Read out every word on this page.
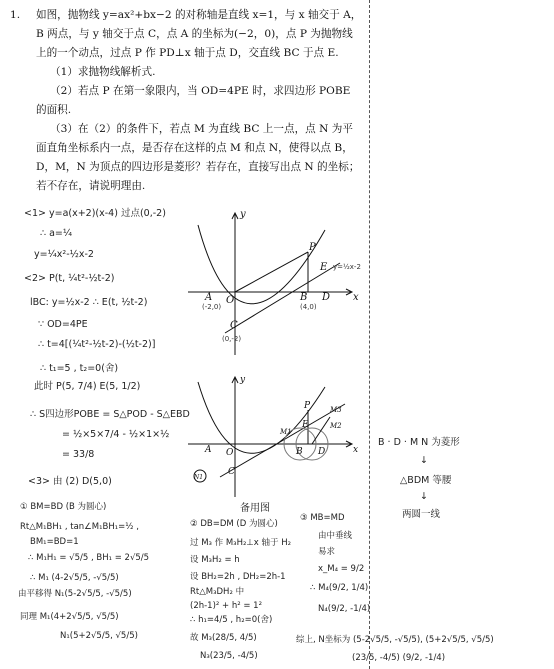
1. 如图，抛物线 y=ax²+bx−2 的对称轴是直线 x=1，与 x 轴交于 A，B 两点，与 y 轴交于点 C，点 A 的坐标为(−2，0)，点 P 为抛物线上的一个动点，过点 P 作 PD⊥x 轴于点 D，交直线 BC 于点 E.
（1）求抛物线解析式.
（2）若点 P 在第一象限内，当 OD=4PE 时，求四边形 POBE 的面积.
（3）在（2）的条件下，若点 M 为直线 BC 上一点，点 N 为平面直角坐标系内一点，是否存在这样的点 M 和点 N，使得以点 B，D，M，N 为顶点的四边形是菱形？若存在，直接写出点 N 的坐标；若不存在，请说明理由.
y
x
O
A	B
C
D
E
P
(-2,0)	(4,0)
(0,-2)
y=½x-2
y
x
O
A	B
C
D
E
P
M1
M2
M3
N1
备用图
<1> y=a(x+2)(x-4) 过点(0,-2)
∴ a=¼
y=¼x²-½x-2
<2> P(t, ¼t²-½t-2)
lBC: y=½x-2 ∴ E(t, ½t-2)
∵ OD=4PE
∴ t=4[(¼t²-½t-2)-(½t-2)]
∴ t₁=5 , t₂=0(舍)
此时 P(5, 7/4) E(5, 1/2)
∴ S四边形POBE = S△POD - S△EBD
= ½×5×7/4 - ½×1×½
= 33/8
<3> 由 (2) D(5,0)
① BM=BD (B 为圆心)
Rt△M₁BH₁ , tan∠M₁BH₁=½ ,
BM₁=BD=1
∴ M₁H₁ = √5/5 , BH₁ = 2√5/5
∴ M₁ (4-2√5/5, -√5/5)
由平移得 N₁(5-2√5/5, -√5/5)
同理 M₁(4+2√5/5, √5/5)
N₁(5+2√5/5, √5/5)
② DB=DM (D 为圆心)
过 M₃ 作 M₃H₂⊥x 轴于 H₂
设 M₃H₂ = h
设 BH₂=2h , DH₂=2h-1
Rt△M₃DH₂ 中
(2h-1)² + h² = 1²
∴ h₁=4/5 , h₂=0(舍)
故 M₃(28/5, 4/5)
N₃(23/5, -4/5)
③ MB=MD
由中垂线
易求
x_M₄ = 9/2
∴ M₄(9/2, 1/4)
N₄(9/2, -1/4)
B · D · M N 为菱形
↓
△BDM 等腰
↓
两圆一线
综上, N坐标为 (5-2√5/5, -√5/5), (5+2√5/5, √5/5)
(23/5, -4/5) (9/2, -1/4)
